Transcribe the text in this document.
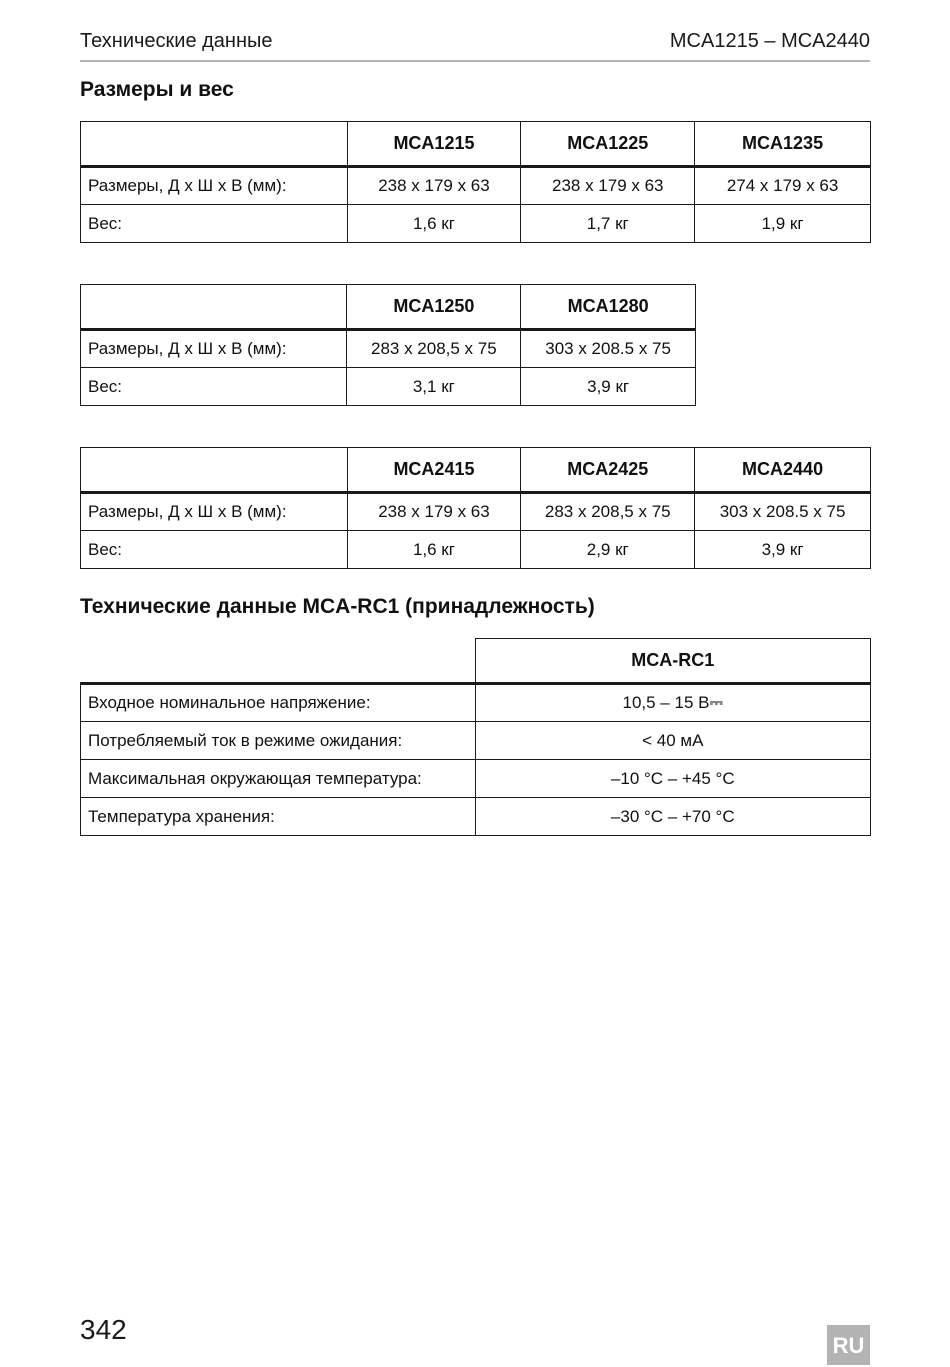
Технические данные	MCA1215 – MCA2440
Размеры и вес
	MCA1215	MCA1225	MCA1235
Размеры, Д х Ш х В (мм):	238 x 179 x 63	238 x 179 x 63	274 x 179 x 63
Вес:	1,6 кг	1,7 кг	1,9 кг
	MCA1250	MCA1280
Размеры, Д х Ш х В (мм):	283 x 208,5 x 75	303 x 208.5 x 75
Вес:	3,1 кг	3,9 кг
	MCA2415	MCA2425	MCA2440
Размеры, Д х Ш х В (мм):	238 x 179 x 63	283 x 208,5 x 75	303 x 208.5 x 75
Вес:	1,6 кг	2,9 кг	3,9 кг
Технические данные MCA-RC1 (принадлежность)
	MCA-RC1
Входное номинальное напряжение:	10,5 – 15 В⎓
Потребляемый ток в режиме ожидания:	< 40 мА
Максимальная окружающая температура:	–10 °C – +45 °C
Температура хранения:	–30 °C – +70 °C
342
RU
